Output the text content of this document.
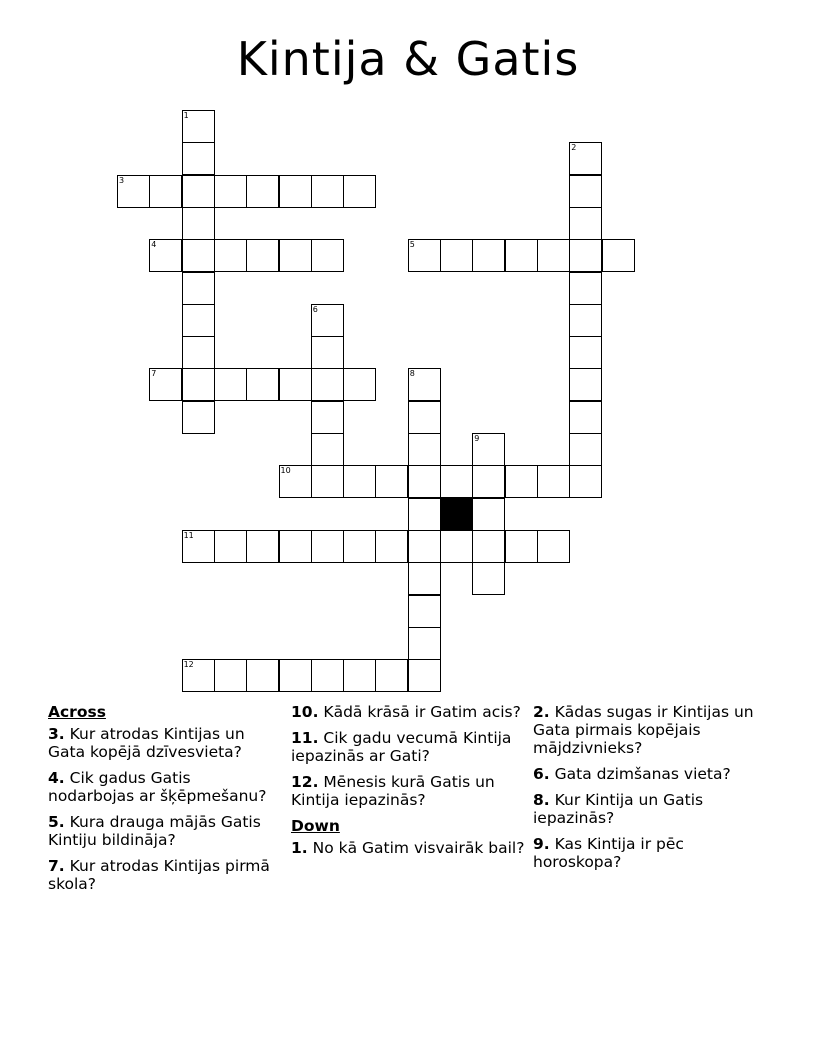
Kintija & Gatis
1
2
3
4	5
6
7	8
9
10
11
12
Across
3. Kur atrodas Kintijas un Gata kopējā dzīvesvieta?
4. Cik gadus Gatis nodarbojas ar šķēpmešanu?
5. Kura drauga mājās Gatis Kintiju bildināja?
7. Kur atrodas Kintijas pirmā skola?
10. Kādā krāsā ir Gatim acis?
11. Cik gadu vecumā Kintija iepazinās ar Gati?
12. Mēnesis kurā Gatis un Kintija iepazinās?
Down
1. No kā Gatim visvairāk bail?
2. Kādas sugas ir Kintijas un Gata pirmais kopējais mājdzivnieks?
6. Gata dzimšanas vieta?
8. Kur Kintija un Gatis iepazinās?
9. Kas Kintija ir pēc horoskopa?
